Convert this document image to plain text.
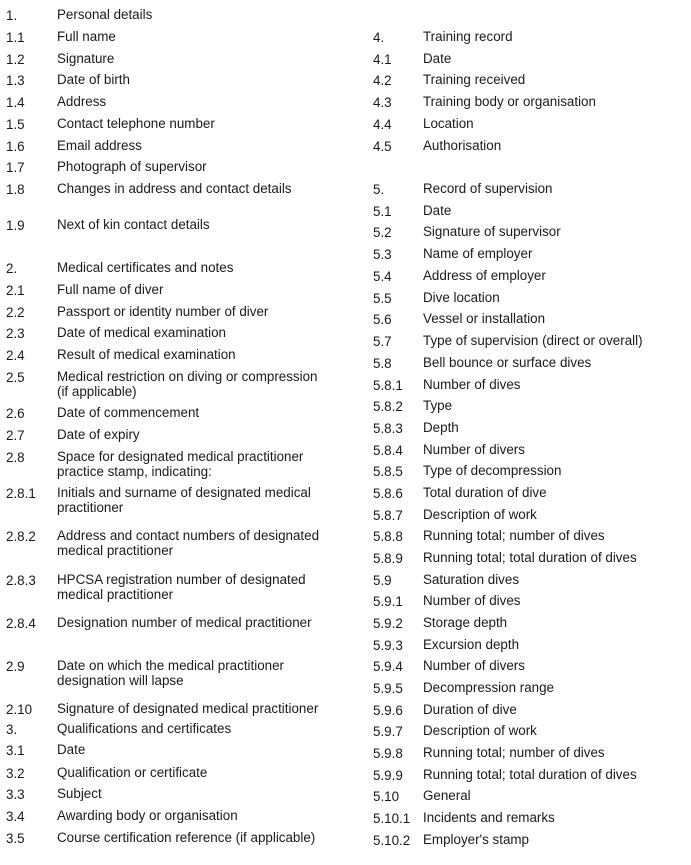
1.	Personal details
1.1 Full name
1.2 Signature
1.3 Date of birth
1.4 Address
1.5 Contact telephone number
1.6 Email address
1.7 Photograph of supervisor
1.8 Changes in address and contact details
1.9 Next of kin contact details
2.	Medical certificates and notes
2.1 Full name of diver
2.2 Passport or identity number of diver
2.3 Date of medical examination
2.4 Result of medical examination
2.5 Medical restriction on diving or compression (if applicable)
2.6 Date of commencement
2.7 Date of expiry
2.8 Space for designated medical practitioner practice stamp, indicating:
2.8.1 Initials and surname of designated medical practitioner
2.8.2 Address and contact numbers of designated medical practitioner
2.8.3 HPCSA registration number of designated medical practitioner
2.8.4 Designation number of medical practitioner
2.9 Date on which the medical practitioner designation will lapse
2.10 Signature of designated medical practitioner
3.	Qualifications and certificates
3.1 Date
3.2 Qualification or certificate
3.3 Subject
3.4 Awarding body or organisation
3.5 Course certification reference (if applicable)
4.	Training record
4.1 Date
4.2 Training received
4.3 Training body or organisation
4.4 Location
4.5 Authorisation
5.	Record of supervision
5.1 Date
5.2 Signature of supervisor
5.3 Name of employer
5.4 Address of employer
5.5 Dive location
5.6 Vessel or installation
5.7 Type of supervision (direct or overall)
5.8 Bell bounce or surface dives
5.8.1 Number of dives
5.8.2 Type
5.8.3 Depth
5.8.4 Number of divers
5.8.5 Type of decompression
5.8.6 Total duration of dive
5.8.7 Description of work
5.8.8 Running total; number of dives
5.8.9 Running total; total duration of dives
5.9 Saturation dives
5.9.1 Number of dives
5.9.2 Storage depth
5.9.3 Excursion depth
5.9.4 Number of divers
5.9.5 Decompression range
5.9.6 Duration of dive
5.9.7 Description of work
5.9.8 Running total; number of dives
5.9.9 Running total; total duration of dives
5.10 General
5.10.1 Incidents and remarks
5.10.2 Employer's stamp
